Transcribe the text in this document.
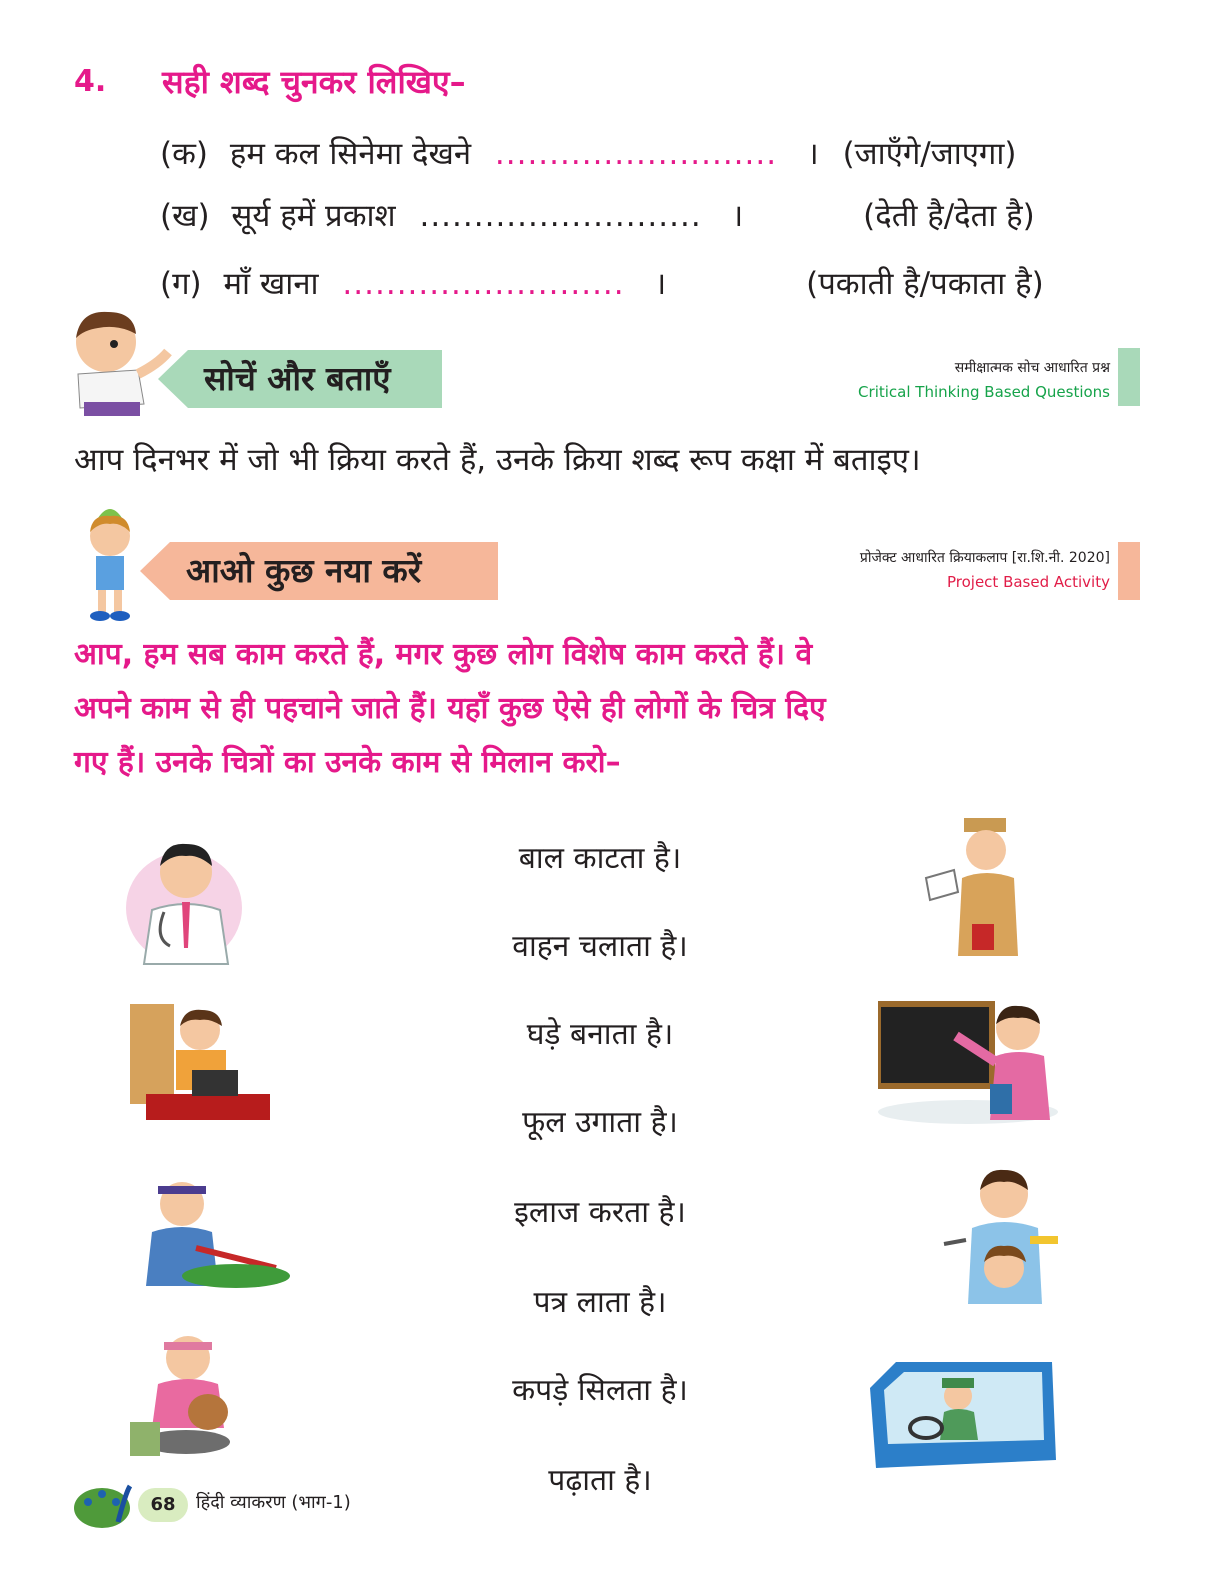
4. सही शब्द चुनकर लिखिए–
(क) हम कल सिनेमा देखने .......................... । (जाएँगे/जाएगा)
(ख) सूर्य हमें प्रकाश .......................... ।	(देती है/देता है)
(ग) माँ खाना .......................... ।	(पकाती है/पकाता है)
सोचें और बताएँ	समीक्षात्मक सोच आधारित प्रश्न
Critical Thinking Based Questions
आप दिनभर में जो भी क्रिया करते हैं, उनके क्रिया शब्द रूप कक्षा में बताइए।
आओ कुछ नया करें	प्रोजेक्ट आधारित क्रियाकलाप [रा.शि.नी. 2020]
Project Based Activity
आप, हम सब काम करते हैं, मगर कुछ लोग विशेष काम करते हैं। वे
अपने काम से ही पहचाने जाते हैं। यहाँ कुछ ऐसे ही लोगों के चित्र दिए
गए हैं। उनके चित्रों का उनके काम से मिलान करो–
बाल काटता है।
वाहन चलाता है।
घड़े बनाता है।
फूल उगाता है।
इलाज करता है।
पत्र लाता है।
कपड़े सिलता है।
पढ़ाता है।
68	हिंदी व्याकरण (भाग-1)
